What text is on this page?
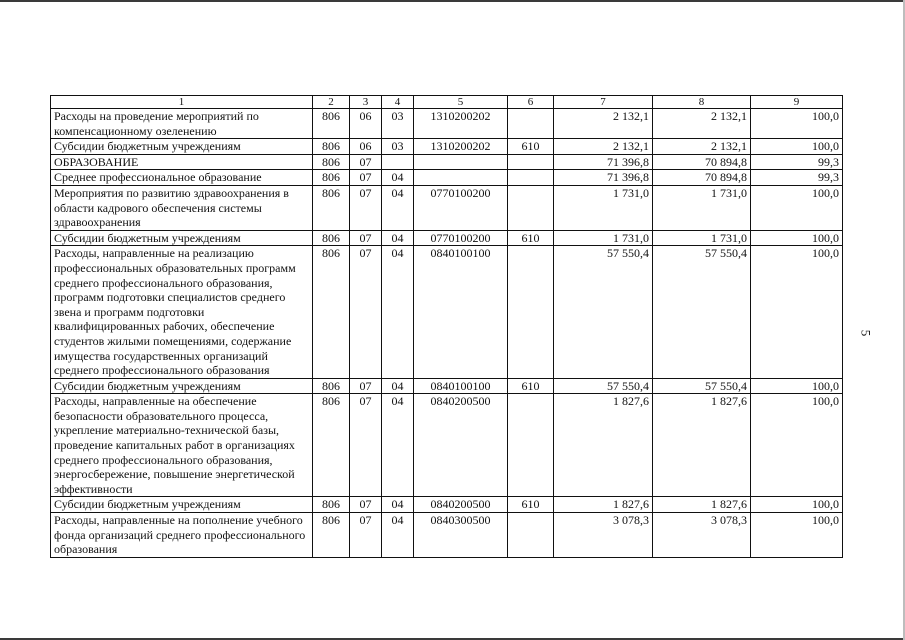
5
1	2	3	4	5	6	7	8	9
Расходы на проведение мероприятий по компенсационному озеленению	806	06	03	1310200202		2 132,1	2 132,1	100,0
Субсидии бюджетным учреждениям	806	06	03	1310200202	610	2 132,1	2 132,1	100,0
ОБРАЗОВАНИЕ	806	07				71 396,8	70 894,8	99,3
Среднее профессиональное образование	806	07	04			71 396,8	70 894,8	99,3
Мероприятия по развитию здравоохранения в области кадрового обеспечения системы здравоохранения	806	07	04	0770100200		1 731,0	1 731,0	100,0
Субсидии бюджетным учреждениям	806	07	04	0770100200	610	1 731,0	1 731,0	100,0
Расходы, направленные на реализацию профессиональных образовательных программ среднего профессионального образования, программ подготовки специалистов среднего звена и программ подготовки квалифицированных рабочих, обеспечение студентов жилыми помещениями, содержание имущества государственных организаций среднего профессионального образования	806	07	04	0840100100		57 550,4	57 550,4	100,0
Субсидии бюджетным учреждениям	806	07	04	0840100100	610	57 550,4	57 550,4	100,0
Расходы, направленные на обеспечение безопасности образовательного процесса, укрепление материально-технической базы, проведение капитальных работ в организациях среднего профессионального образования, энергосбережение, повышение энергетической эффективности	806	07	04	0840200500		1 827,6	1 827,6	100,0
Субсидии бюджетным учреждениям	806	07	04	0840200500	610	1 827,6	1 827,6	100,0
Расходы, направленные на пополнение учебного фонда организаций среднего профессионального образования	806	07	04	0840300500		3 078,3	3 078,3	100,0
